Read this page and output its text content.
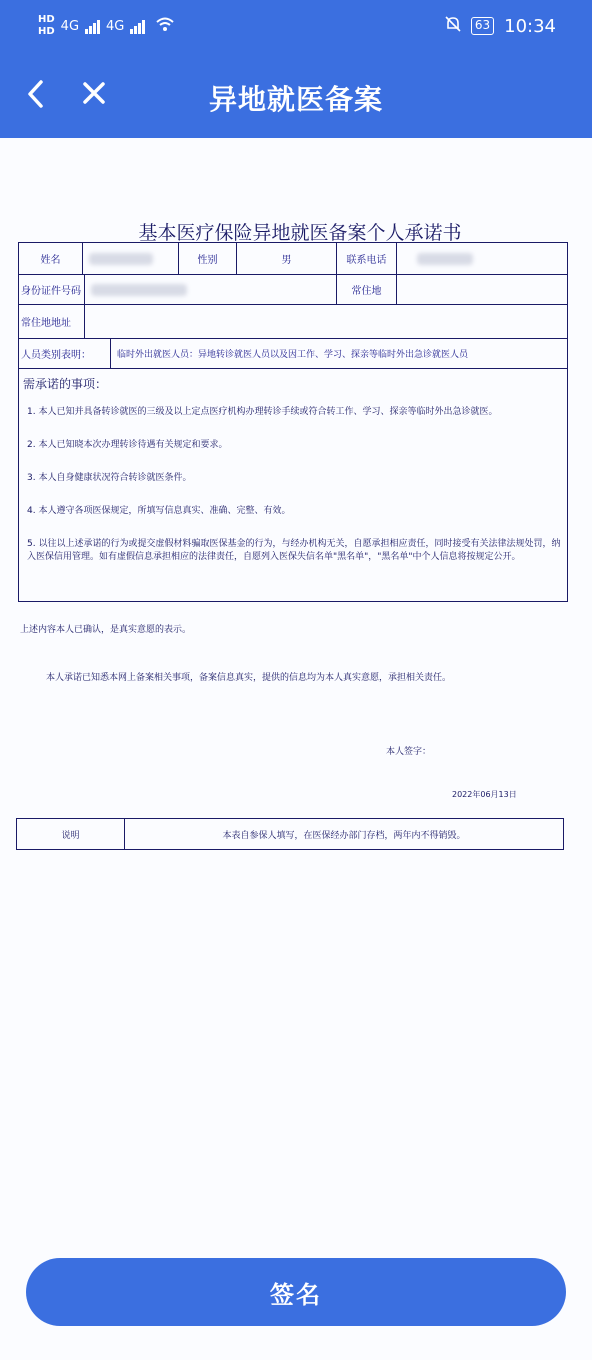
HD
HD 4G 4G	63 10:34
异地就医备案
基本医疗保险异地就医备案个人承诺书
姓名	性别	男	联系电话
身份证件号码	常住地
常住地地址
人员类别表明：	临时外出就医人员：异地转诊就医人员以及因工作、学习、探亲等临时外出急诊就医人员
需承诺的事项：
1. 本人已知并具备转诊就医的三级及以上定点医疗机构办理转诊手续或符合转工作、学习、探亲等临时外出急诊就医。
2. 本人已知晓本次办理转诊待遇有关规定和要求。
3. 本人自身健康状况符合转诊就医条件。
4. 本人遵守各项医保规定，所填写信息真实、准确、完整、有效。
5. 以往以上述承诺的行为或提交虚假材料骗取医保基金的行为，与经办机构无关，自愿承担相应责任，同时接受有关法律法规处罚，纳入医保信用管理。如有虚假信息承担相应的法律责任，自愿列入医保失信名单"黑名单"，"黑名单"中个人信息将按规定公开。
上述内容本人已确认，是真实意愿的表示。
本人承诺已知悉本网上备案相关事项，备案信息真实，提供的信息均为本人真实意愿，承担相关责任。
本人签字：
2022年06月13日
说明	本表自参保人填写，在医保经办部门存档，两年内不得销毁。
签名
